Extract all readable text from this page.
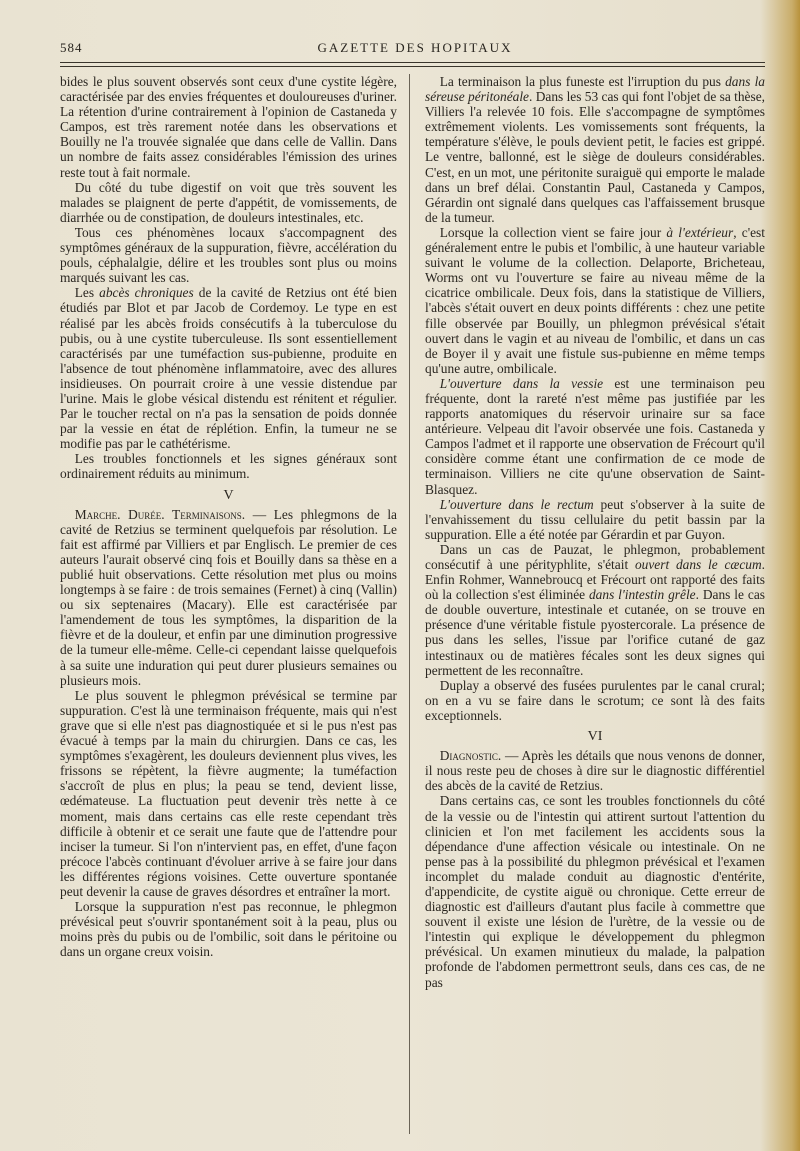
584	GAZETTE DES HOPITAUX

bides le plus souvent observés sont ceux d'une cystite légère, caractérisée par des envies fréquentes et douloureuses d'uriner. La rétention d'urine contrairement à l'opinion de Castaneda y Campos, est très rarement notée dans les observations et Bouilly ne l'a trouvée signalée que dans celle de Vallin. Dans un nombre de faits assez considérables l'émission des urines reste tout à fait normale.

Du côté du tube digestif on voit que très souvent les malades se plaignent de perte d'appétit, de vomissements, de diarrhée ou de constipation, de douleurs intestinales, etc.

Tous ces phénomènes locaux s'accompagnent des symptômes généraux de la suppuration, fièvre, accélération du pouls, céphalalgie, délire et les troubles sont plus ou moins marqués suivant les cas.

Les abcès chroniques de la cavité de Retzius ont été bien étudiés par Blot et par Jacob de Cordemoy. Le type en est réalisé par les abcès froids consécutifs à la tuberculose du pubis, ou à une cystite tuberculeuse. Ils sont essentiellement caractérisés par une tuméfaction sus-pubienne, produite en l'absence de tout phénomène inflammatoire, avec des allures insidieuses. On pourrait croire à une vessie distendue par l'urine. Mais le globe vésical distendu est rénitent et régulier. Par le toucher rectal on n'a pas la sensation de poids donnée par la vessie en état de réplétion. Enfin, la tumeur ne se modifie pas par le cathétérisme.

Les troubles fonctionnels et les signes généraux sont ordinairement réduits au minimum.

V

Marche. Durée. Terminaisons. — Les phlegmons de la cavité de Retzius se terminent quelquefois par résolution. Le fait est affirmé par Villiers et par Englisch. Le premier de ces auteurs l'aurait observé cinq fois et Bouilly dans sa thèse en a publié huit observations. Cette résolution met plus ou moins longtemps à se faire : de trois semaines (Fernet) à cinq (Vallin) ou six septenaires (Macary). Elle est caractérisée par l'amendement de tous les symptômes, la disparition de la fièvre et de la douleur, et enfin par une diminution progressive de la tumeur elle-même. Celle-ci cependant laisse quelquefois à sa suite une induration qui peut durer plusieurs semaines ou plusieurs mois.

Le plus souvent le phlegmon prévésical se termine par suppuration. C'est là une terminaison fréquente, mais qui n'est grave que si elle n'est pas diagnostiquée et si le pus n'est pas évacué à temps par la main du chirurgien. Dans ce cas, les symptômes s'exagèrent, les douleurs deviennent plus vives, les frissons se répètent, la fièvre augmente; la tuméfaction s'accroît de plus en plus; la peau se tend, devient lisse, œdémateuse. La fluctuation peut devenir très nette à ce moment, mais dans certains cas elle reste cependant très difficile à obtenir et ce serait une faute que de l'attendre pour inciser la tumeur. Si l'on n'intervient pas, en effet, d'une façon précoce l'abcès continuant d'évoluer arrive à se faire jour dans les différentes régions voisines. Cette ouverture spontanée peut devenir la cause de graves désordres et entraîner la mort.

Lorsque la suppuration n'est pas reconnue, le phlegmon prévésical peut s'ouvrir spontanément soit à la peau, plus ou moins près du pubis ou de l'ombilic, soit dans le péritoine ou dans un organe creux voisin.

La terminaison la plus funeste est l'irruption du pus dans la séreuse péritonéale. Dans les 53 cas qui font l'objet de sa thèse, Villiers l'a relevée 10 fois. Elle s'accompagne de symptômes extrêmement violents. Les vomissements sont fréquents, la température s'élève, le pouls devient petit, le facies est grippé. Le ventre, ballonné, est le siège de douleurs considérables. C'est, en un mot, une péritonite suraiguë qui emporte le malade dans un bref délai. Constantin Paul, Castaneda y Campos, Gérardin ont signalé dans quelques cas l'affaissement brusque de la tumeur.

Lorsque la collection vient se faire jour à l'extérieur, c'est généralement entre le pubis et l'ombilic, à une hauteur variable suivant le volume de la collection. Delaporte, Bricheteau, Worms ont vu l'ouverture se faire au niveau même de la cicatrice ombilicale. Deux fois, dans la statistique de Villiers, l'abcès s'était ouvert en deux points différents : chez une petite fille observée par Bouilly, un phlegmon prévésical s'était ouvert dans le vagin et au niveau de l'ombilic, et dans un cas de Boyer il y avait une fistule sus-pubienne en même temps qu'une autre, ombilicale.

L'ouverture dans la vessie est une terminaison peu fréquente, dont la rareté n'est même pas justifiée par les rapports anatomiques du réservoir urinaire sur sa face antérieure. Velpeau dit l'avoir observée une fois. Castaneda y Campos l'admet et il rapporte une observation de Frécourt qu'il considère comme étant une confirmation de ce mode de terminaison. Villiers ne cite qu'une observation de Saint-Blasquez.

L'ouverture dans le rectum peut s'observer à la suite de l'envahissement du tissu cellulaire du petit bassin par la suppuration. Elle a été notée par Gérardin et par Guyon.

Dans un cas de Pauzat, le phlegmon, probablement consécutif à une pérityphlite, s'était ouvert dans le cæcum. Enfin Rohmer, Wannebroucq et Frécourt ont rapporté des faits où la collection s'est éliminée dans l'intestin grêle. Dans le cas de double ouverture, intestinale et cutanée, on se trouve en présence d'une véritable fistule pyostercorale. La présence de pus dans les selles, l'issue par l'orifice cutané de gaz intestinaux ou de matières fécales sont les deux signes qui permettent de les reconnaître.

Duplay a observé des fusées purulentes par le canal crural; on en a vu se faire dans le scrotum; ce sont là des faits exceptionnels.

VI

Diagnostic. — Après les détails que nous venons de donner, il nous reste peu de choses à dire sur le diagnostic différentiel des abcès de la cavité de Retzius.

Dans certains cas, ce sont les troubles fonctionnels du côté de la vessie ou de l'intestin qui attirent surtout l'attention du clinicien et l'on met facilement les accidents sous la dépendance d'une affection vésicale ou intestinale. On ne pense pas à la possibilité du phlegmon prévésical et l'examen incomplet du malade conduit au diagnostic d'entérite, d'appendicite, de cystite aiguë ou chronique. Cette erreur de diagnostic est d'ailleurs d'autant plus facile à commettre que souvent il existe une lésion de l'urètre, de la vessie ou de l'intestin qui explique le développement du phlegmon prévésical. Un examen minutieux du malade, la palpation profonde de l'abdomen permettront seuls, dans ces cas, de ne pas
